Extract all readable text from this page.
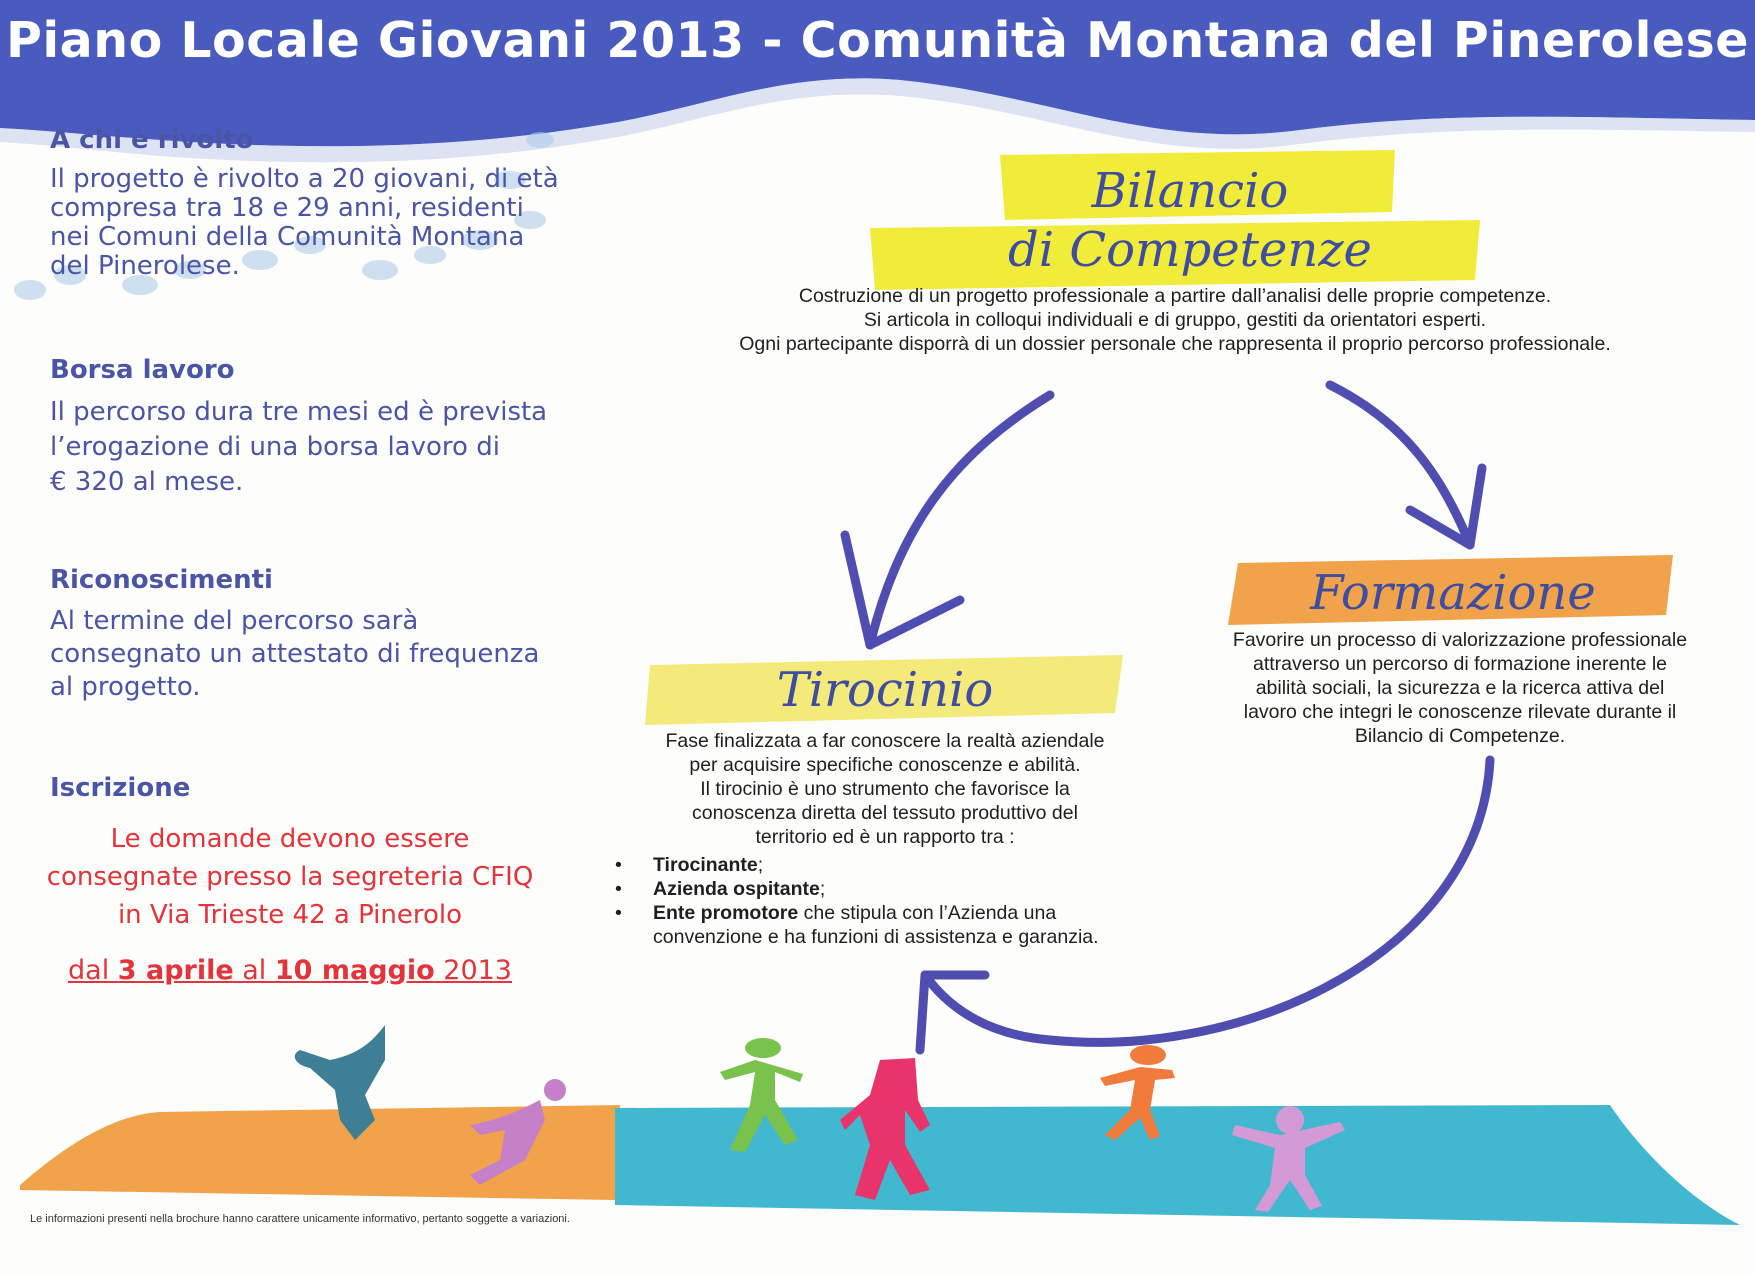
Piano Locale Giovani 2013 - Comunità Montana del Pinerolese
A chi è rivolto
Il progetto è rivolto a 20 giovani, di età
compresa tra 18 e 29 anni, residenti
nei Comuni della Comunità Montana
del Pinerolese.
Borsa lavoro
Il percorso dura tre mesi ed è prevista
l’erogazione di una borsa lavoro di
€ 320 al mese.
Riconoscimenti
Al termine del percorso sarà
consegnato un attestato di frequenza
al progetto.
Iscrizione
Le domande devono essere
consegnate presso la segreteria CFIQ
in Via Trieste 42 a Pinerolo
dal 3 aprile al 10 maggio 2013
Bilancio
di Competenze
Costruzione di un progetto professionale a partire dall’analisi delle proprie competenze.
Si articola in colloqui individuali e di gruppo, gestiti da orientatori esperti.
Ogni partecipante disporrà di un dossier personale che rappresenta il proprio percorso professionale.
Formazione
Favorire un processo di valorizzazione professionale
attraverso un percorso di formazione inerente le
abilità sociali, la sicurezza e la ricerca attiva del
lavoro che integri le conoscenze rilevate durante il
Bilancio di Competenze.
Tirocinio
Fase finalizzata a far conoscere la realtà aziendale
per acquisire specifiche conoscenze e abilità.
Il tirocinio è uno strumento che favorisce la
conoscenza diretta del tessuto produttivo del
territorio ed è un rapporto tra :
• Tirocinante;
• Azienda ospitante;
• Ente promotore che stipula con l’Azienda una
convenzione e ha funzioni di assistenza e garanzia.
Le informazioni presenti nella brochure hanno carattere unicamente informativo, pertanto soggette a variazioni.
